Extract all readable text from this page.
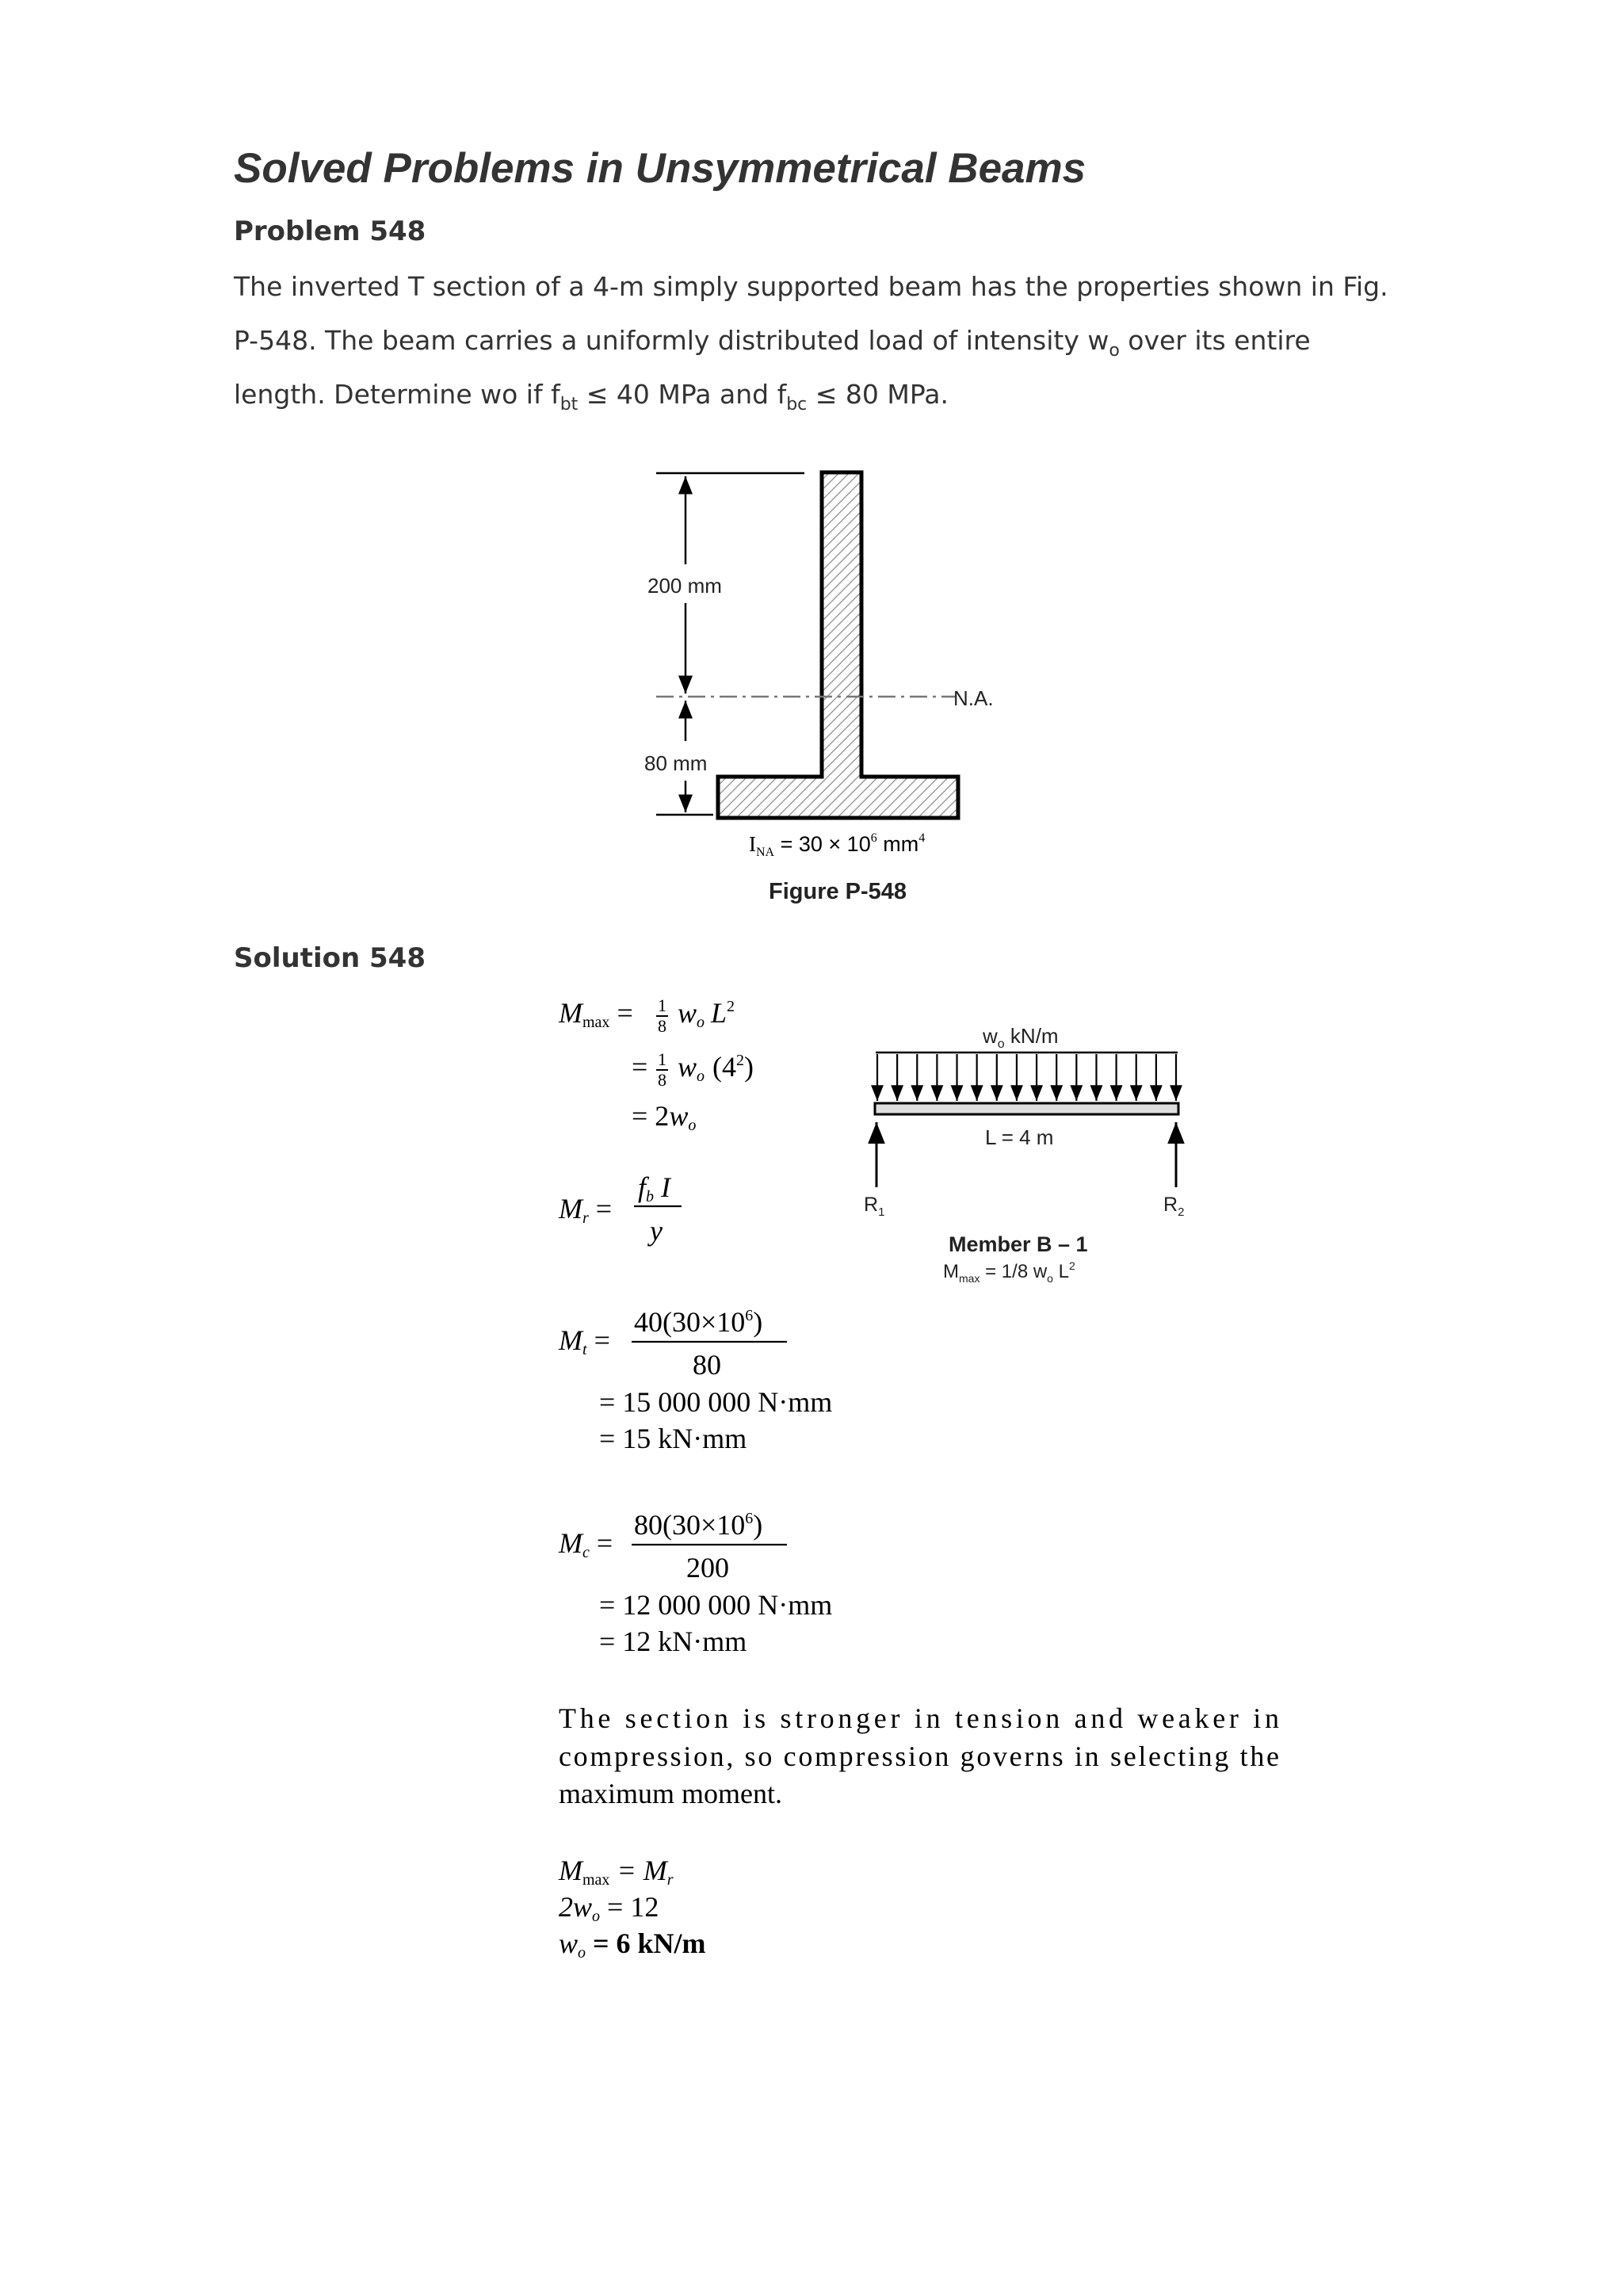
Solved Problems in Unsymmetrical Beams
Problem 548

The inverted T section of a 4-m simply supported beam has the properties shown in Fig.
P-548. The beam carries a uniformly distributed load of intensity $w_o$ over its entire
length. Determine wo if $f_{bt} \le 40$ MPa and $f_{bc} \le 80$ MPa.

Solution 548
N.A.
200 mm
80 mm
$I_{NA} = 30 \times 10^6$ $mm^4$
Figure P-548
$w_o$ kN/m
L = 4 m
$R_1$	$R_2$
Member B – 1
$M_{max} = 1/8$ $w_o$ $L^2$
Mmax = 1
8 wo $L^2$
= 1
8 wo $(4^2)$
= 2wo
Mr =
fb I
y
Mt =
$40(30\times 10^6)$
80
= 15 000 000 N·mm
= 15 kN·mm
Mc =
$80(30\times 10^6)$
200
= 12 000 000 N·mm
= 12 kN·mm
The section is stronger in tension and weaker in
compression, so compression governs in selecting the
maximum moment.
Mmax = Mr
2wo = 12
wo = 6 kN/m
